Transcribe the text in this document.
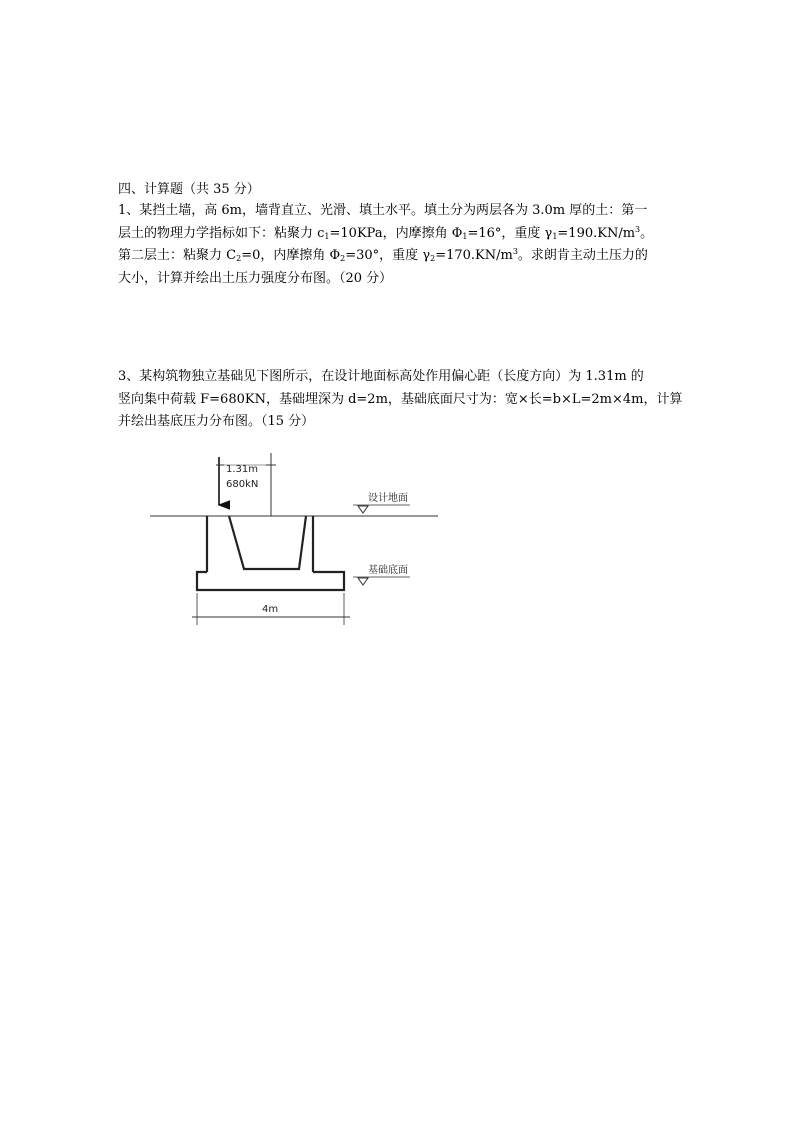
四、计算题（共 35 分）
1、某挡土墙，高 6m，墙背直立、光滑、填土水平。填土分为两层各为 3.0m 厚的土：第一
层土的物理力学指标如下：粘聚力 $c_1=10KPa$，内摩擦角 $\Phi_1=16^\circ$，重度 $\gamma_1=190.KN/m^3$。
第二层土：粘聚力 $C_2=0$，内摩擦角 $\Phi_2=30^\circ$，重度 $\gamma_2=170.KN/m^3$。求朗肯主动土压力的
大小，计算并绘出土压力强度分布图。（20 分）
3、某构筑物独立基础见下图所示，在设计地面标高处作用偏心距（长度方向）为 1.31m 的
竖向集中荷载 F=680KN，基础埋深为 d=2m，基础底面尺寸为：宽×长=b×L=2m×4m，计算
并绘出基底压力分布图。（15 分）
设计地面
基础底面
1.31m
680kN
4m
